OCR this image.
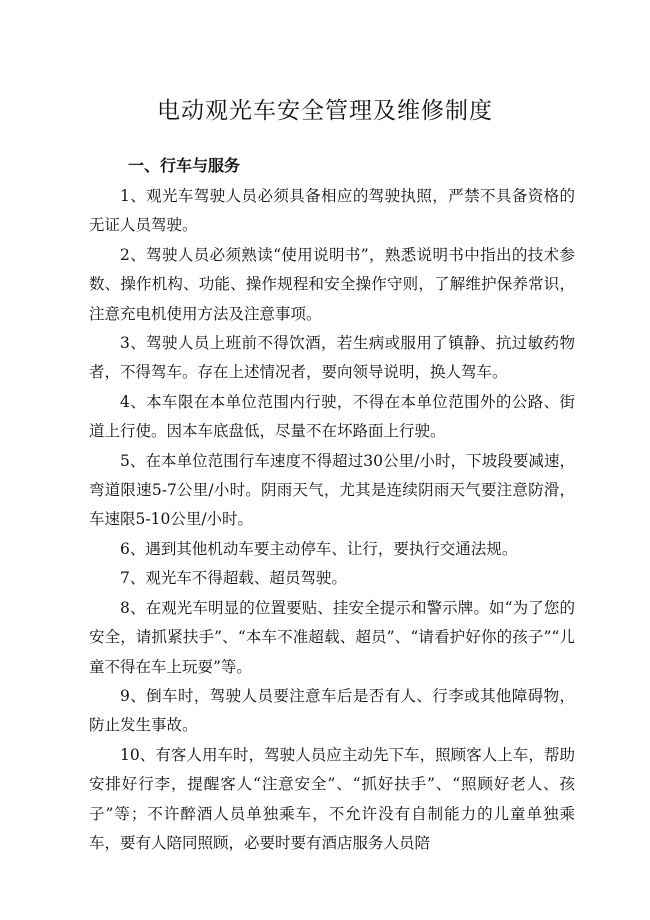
电动观光车安全管理及维修制度
一、行车与服务

1、观光车驾驶人员必须具备相应的驾驶执照，严禁不具备资格的无证人员驾驶。

2、驾驶人员必须熟读“使用说明书”，熟悉说明书中指出的技术参数、操作机构、功能、操作规程和安全操作守则，了解维护保养常识，注意充电机使用方法及注意事项。

3、驾驶人员上班前不得饮酒，若生病或服用了镇静、抗过敏药物者，不得驾车。存在上述情况者，要向领导说明，换人驾车。

4、本车限在本单位范围内行驶，不得在本单位范围外的公路、街道上行使。因本车底盘低，尽量不在坏路面上行驶。

5、在本单位范围行车速度不得超过30公里/小时，下坡段要减速，弯道限速5-7公里/小时。阴雨天气，尤其是连续阴雨天气要注意防滑，车速限5-10公里/小时。

6、遇到其他机动车要主动停车、让行，要执行交通法规。

7、观光车不得超载、超员驾驶。

8、在观光车明显的位置要贴、挂安全提示和警示牌。如“为了您的安全，请抓紧扶手”、“本车不准超载、超员”、“请看护好你的孩子”“儿童不得在车上玩耍”等。

9、倒车时，驾驶人员要注意车后是否有人、行李或其他障碍物，防止发生事故。

10、有客人用车时，驾驶人员应主动先下车，照顾客人上车，帮助安排好行李，提醒客人“注意安全”、“抓好扶手”、“照顾好老人、孩子”等；不许醉酒人员单独乘车，不允许没有自制能力的儿童单独乘车，要有人陪同照顾，必要时要有酒店服务人员陪
